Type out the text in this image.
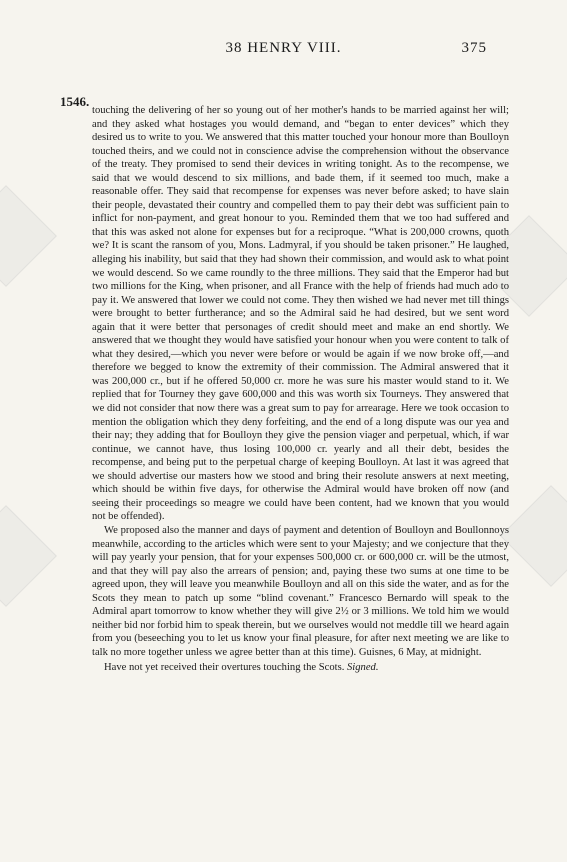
38 HENRY VIII.	375
1546.

touching the delivering of her so young out of her mother's hands to be married against her will; and they asked what hostages you would demand, and “began to enter devices” which they desired us to write to you. We answered that this matter touched your honour more than Boulloyn touched theirs, and we could not in conscience advise the comprehension without the observance of the treaty. They promised to send their devices in writing tonight. As to the recompense, we said that we would descend to six millions, and bade them, if it seemed too much, make a reasonable offer. They said that recompense for expenses was never before asked; to have slain their people, devastated their country and compelled them to pay their debt was sufficient pain to inflict for non-payment, and great honour to you. Reminded them that we too had suffered and that this was asked not alone for expenses but for a reciproque. “What is 200,000 crowns, quoth we? It is scant the ransom of you, Mons. Ladmyral, if you should be taken prisoner.” He laughed, alleging his inability, but said that they had shown their commission, and would ask to what point we would descend. So we came roundly to the three millions. They said that the Emperor had but two millions for the King, when prisoner, and all France with the help of friends had much ado to pay it. We answered that lower we could not come. They then wished we had never met till things were brought to better furtherance; and so the Admiral said he had desired, but we sent word again that it were better that personages of credit should meet and make an end shortly. We answered that we thought they would have satisfied your honour when you were content to talk of what they desired,—which you never were before or would be again if we now broke off,—and therefore we begged to know the extremity of their commission. The Admiral answered that it was 200,000 cr., but if he offered 50,000 cr. more he was sure his master would stand to it. We replied that for Tourney they gave 600,000 and this was worth six Tourneys. They answered that we did not consider that now there was a great sum to pay for arrearage. Here we took occasion to mention the obligation which they deny forfeiting, and the end of a long dispute was our yea and their nay; they adding that for Boulloyn they give the pension viager and perpetual, which, if war continue, we cannot have, thus losing 100,000 cr. yearly and all their debt, besides the recompense, and being put to the perpetual charge of keeping Boulloyn. At last it was agreed that we should advertise our masters how we stood and bring their resolute answers at next meeting, which should be within five days, for otherwise the Admiral would have broken off now (and seeing their proceedings so meagre we could have been content, had we known that you would not be offended).

We proposed also the manner and days of payment and detention of Boulloyn and Boullonnoys meanwhile, according to the articles which were sent to your Majesty; and we conjecture that they will pay yearly your pension, that for your expenses 500,000 cr. or 600,000 cr. will be the utmost, and that they will pay also the arrears of pension; and, paying these two sums at one time to be agreed upon, they will leave you meanwhile Boulloyn and all on this side the water, and as for the Scots they mean to patch up some “blind covenant.” Francesco Bernardo will speak to the Admiral apart tomorrow to know whether they will give 2½ or 3 millions. We told him we would neither bid nor forbid him to speak therein, but we ourselves would not meddle till we heard again from you (beseeching you to let us know your final pleasure, for after next meeting we are like to talk no more together unless we agree better than at this time). Guisnes, 6 May, at midnight.

Have not yet received their overtures touching the Scots. Signed.
